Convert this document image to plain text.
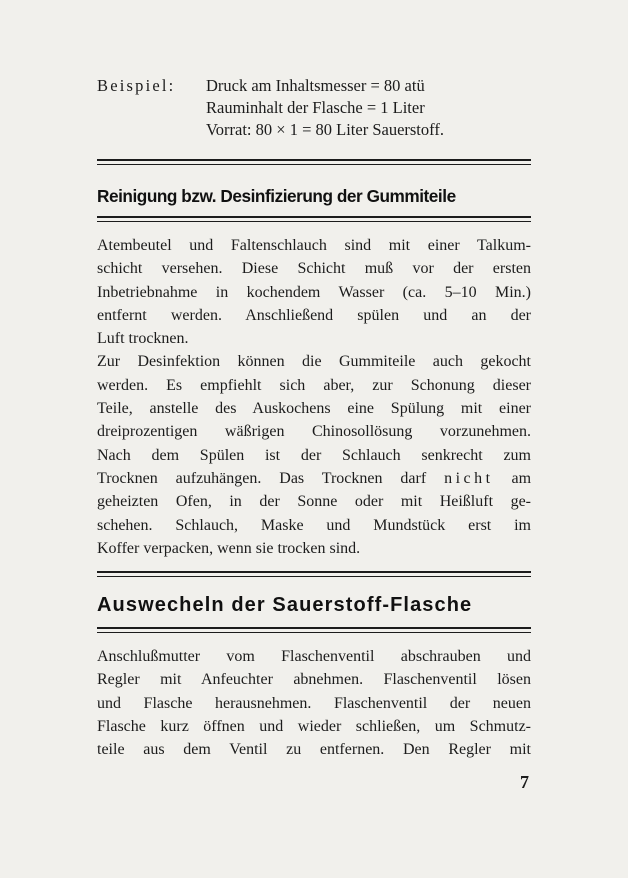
Beispiel: Druck am Inhaltsmesser = 80 atü
Rauminhalt der Flasche = 1 Liter
Vorrat: 80 × 1 = 80 Liter Sauerstoff.
Reinigung bzw. Desinfizierung der Gummiteile
Atembeutel und Faltenschlauch sind mit einer Talkum-
schicht versehen. Diese Schicht muß vor der ersten
Inbetriebnahme in kochendem Wasser (ca. 5–10 Min.)
entfernt werden. Anschließend spülen und an der
Luft trocknen.
Zur Desinfektion können die Gummiteile auch gekocht
werden. Es empfiehlt sich aber, zur Schonung dieser
Teile, anstelle des Auskochens eine Spülung mit einer
dreiprozentigen wäßrigen Chinosollösung vorzunehmen.
Nach dem Spülen ist der Schlauch senkrecht zum
Trocknen aufzuhängen. Das Trocknen darf nicht am
geheizten Ofen, in der Sonne oder mit Heißluft ge-
schehen. Schlauch, Maske und Mundstück erst im
Koffer verpacken, wenn sie trocken sind.
Auswecheln der Sauerstoff-Flasche
Anschlußmutter vom Flaschenventil abschrauben und
Regler mit Anfeuchter abnehmen. Flaschenventil lösen
und Flasche herausnehmen. Flaschenventil der neuen
Flasche kurz öffnen und wieder schließen, um Schmutz-
teile aus dem Ventil zu entfernen. Den Regler mit
7
